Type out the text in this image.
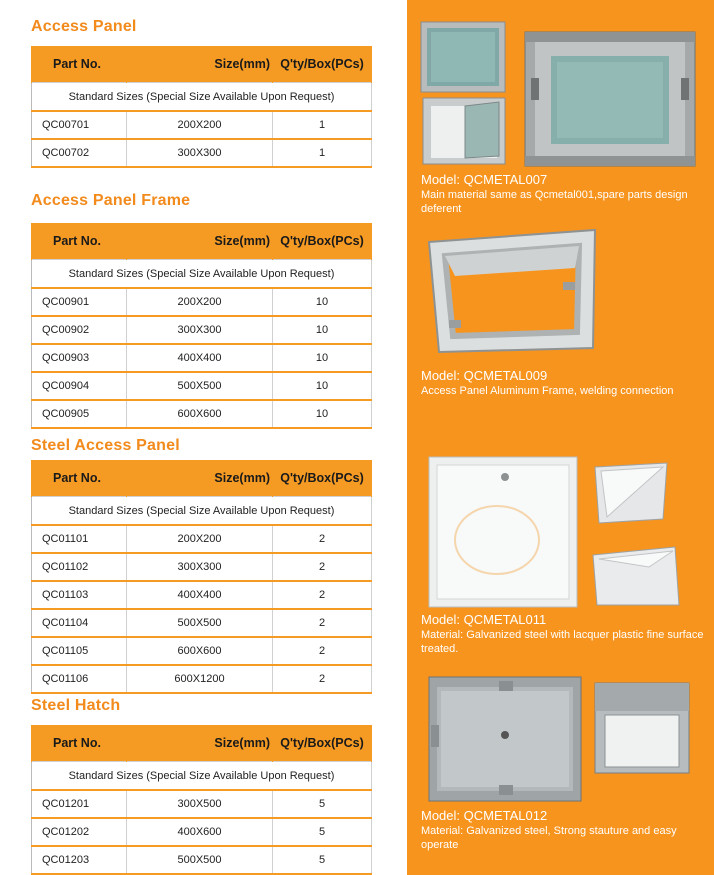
Access Panel
Part No.	Size(mm)	Q'ty/Box(PCs)
Standard Sizes (Special Size Available Upon Request)		
QC00701	200X200	1
QC00702	300X300	1
Access Panel Frame
Part No.	Size(mm)	Q'ty/Box(PCs)
Standard Sizes (Special Size Available Upon Request)		
QC00901	200X200	10
QC00902	300X300	10
QC00903	400X400	10
QC00904	500X500	10
QC00905	600X600	10
Steel Access Panel
Part No.	Size(mm)	Q'ty/Box(PCs)
Standard Sizes (Special Size Available Upon Request)		
QC01101	200X200	2
QC01102	300X300	2
QC01103	400X400	2
QC01104	500X500	2
QC01105	600X600	2
QC01106	600X1200	2
Steel Hatch
Part No.	Size(mm)	Q'ty/Box(PCs)
Standard Sizes (Special Size Available Upon Request)		
QC01201	300X500	5
QC01202	400X600	5
QC01203	500X500	5
Model: QCMETAL007
Main material same as Qcmetal001,spare parts design deferent
Model: QCMETAL009
Access Panel Aluminum Frame, welding connection
Model: QCMETAL011
Material: Galvanized steel with lacquer plastic fine surface treated.
Model: QCMETAL012
Material: Galvanized steel, Strong stauture and easy operate
